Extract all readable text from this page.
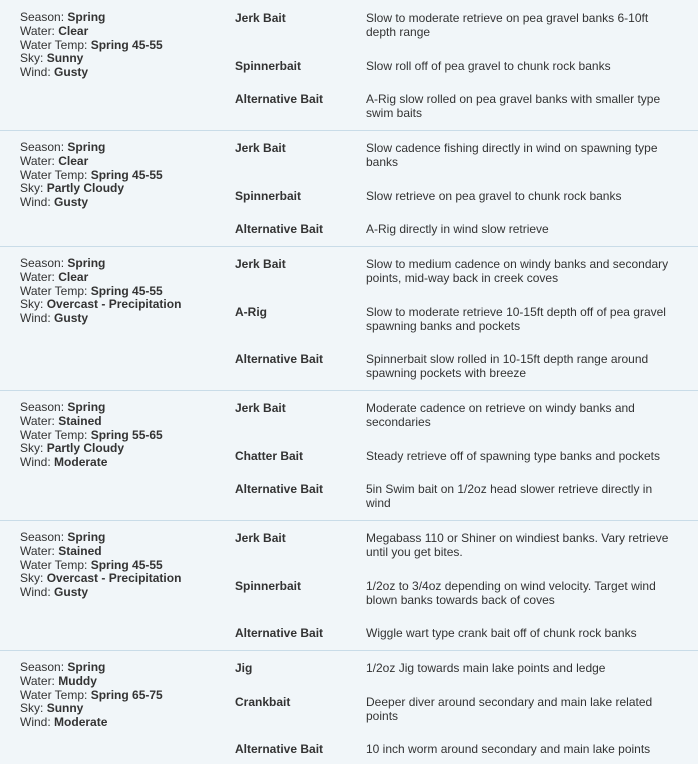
Season: Spring
Water: Clear
Water Temp: Spring 45-55
Sky: Sunny
Wind: Gusty
Jerk Bait	Slow to moderate retrieve on pea gravel banks 6-10ft depth range
Spinnerbait	Slow roll off of pea gravel to chunk rock banks
Alternative Bait	A-Rig slow rolled on pea gravel banks with smaller type swim baits
Season: Spring
Water: Clear
Water Temp: Spring 45-55
Sky: Partly Cloudy
Wind: Gusty
Jerk Bait	Slow cadence fishing directly in wind on spawning type banks
Spinnerbait	Slow retrieve on pea gravel to chunk rock banks
Alternative Bait	A-Rig directly in wind slow retrieve
Season: Spring
Water: Clear
Water Temp: Spring 45-55
Sky: Overcast - Precipitation
Wind: Gusty
Jerk Bait	Slow to medium cadence on windy banks and secondary points, mid-way back in creek coves
A-Rig	Slow to moderate retrieve 10-15ft depth off of pea gravel spawning banks and pockets
Alternative Bait	Spinnerbait slow rolled in 10-15ft depth range around spawning pockets with breeze
Season: Spring
Water: Stained
Water Temp: Spring 55-65
Sky: Partly Cloudy
Wind: Moderate
Jerk Bait	Moderate cadence on retrieve on windy banks and secondaries
Chatter Bait	Steady retrieve off of spawning type banks and pockets
Alternative Bait	5in Swim bait on 1/2oz head slower retrieve directly in wind
Season: Spring
Water: Stained
Water Temp: Spring 45-55
Sky: Overcast - Precipitation
Wind: Gusty
Jerk Bait	Megabass 110 or Shiner on windiest banks. Vary retrieve until you get bites.
Spinnerbait	1/2oz to 3/4oz depending on wind velocity. Target wind blown banks towards back of coves
Alternative Bait	Wiggle wart type crank bait off of chunk rock banks
Season: Spring
Water: Muddy
Water Temp: Spring 65-75
Sky: Sunny
Wind: Moderate
Jig	1/2oz Jig towards main lake points and ledge
Crankbait	Deeper diver around secondary and main lake related points
Alternative Bait	10 inch worm around secondary and main lake points
